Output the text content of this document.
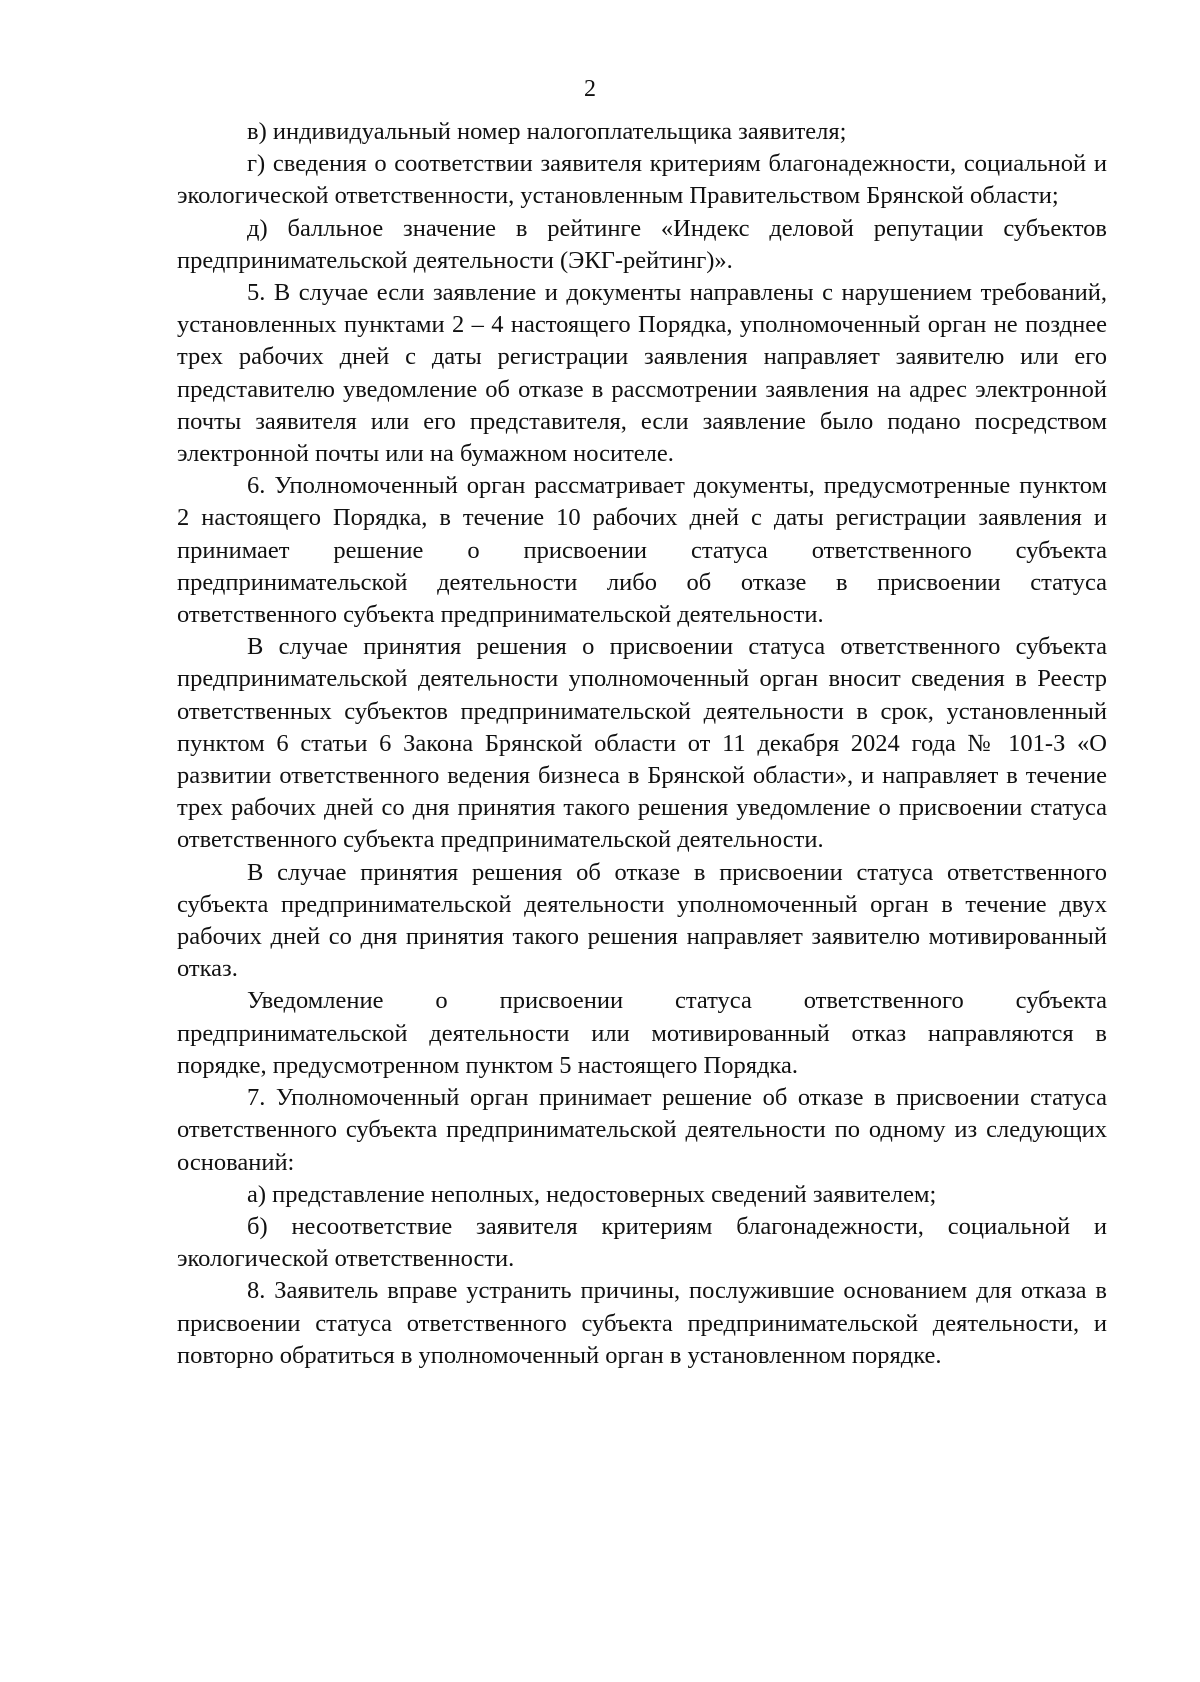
2

в) индивидуальный номер налогоплательщика заявителя;

г) сведения о соответствии заявителя критериям благонадежности, социальной и экологической ответственности, установленным Правительством Брянской области;

д) балльное значение в рейтинге «Индекс деловой репутации субъектов предпринимательской деятельности (ЭКГ-рейтинг)».

5. В случае если заявление и документы направлены с нарушением требований, установленных пунктами 2 – 4 настоящего Порядка, уполномоченный орган не позднее трех рабочих дней с даты регистрации заявления направляет заявителю или его представителю уведомление об отказе в рассмотрении заявления на адрес электронной почты заявителя или его представителя, если заявление было подано посредством электронной почты или на бумажном носителе.

6. Уполномоченный орган рассматривает документы, предусмотренные пунктом 2 настоящего Порядка, в течение 10 рабочих дней с даты регистрации заявления и принимает решение о присвоении статуса ответственного субъекта предпринимательской деятельности либо об отказе в присвоении статуса ответственного субъекта предпринимательской деятельности.

В случае принятия решения о присвоении статуса ответственного субъекта предпринимательской деятельности уполномоченный орган вносит сведения в Реестр ответственных субъектов предпринимательской деятельности в срок, установленный пунктом 6 статьи 6 Закона Брянской области от 11 декабря 2024 года № 101-З «О развитии ответственного ведения бизнеса в Брянской области», и направляет в течение трех рабочих дней со дня принятия такого решения уведомление о присвоении статуса ответственного субъекта предпринимательской деятельности.

В случае принятия решения об отказе в присвоении статуса ответственного субъекта предпринимательской деятельности уполномоченный орган в течение двух рабочих дней со дня принятия такого решения направляет заявителю мотивированный отказ.

Уведомление о присвоении статуса ответственного субъекта предпринимательской деятельности или мотивированный отказ направляются в порядке, предусмотренном пунктом 5 настоящего Порядка.

7. Уполномоченный орган принимает решение об отказе в присвоении статуса ответственного субъекта предпринимательской деятельности по одному из следующих оснований:

а) представление неполных, недостоверных сведений заявителем;

б) несоответствие заявителя критериям благонадежности, социальной и экологической ответственности.

8. Заявитель вправе устранить причины, послужившие основанием для отказа в присвоении статуса ответственного субъекта предпринимательской деятельности, и повторно обратиться в уполномоченный орган в установленном порядке.
